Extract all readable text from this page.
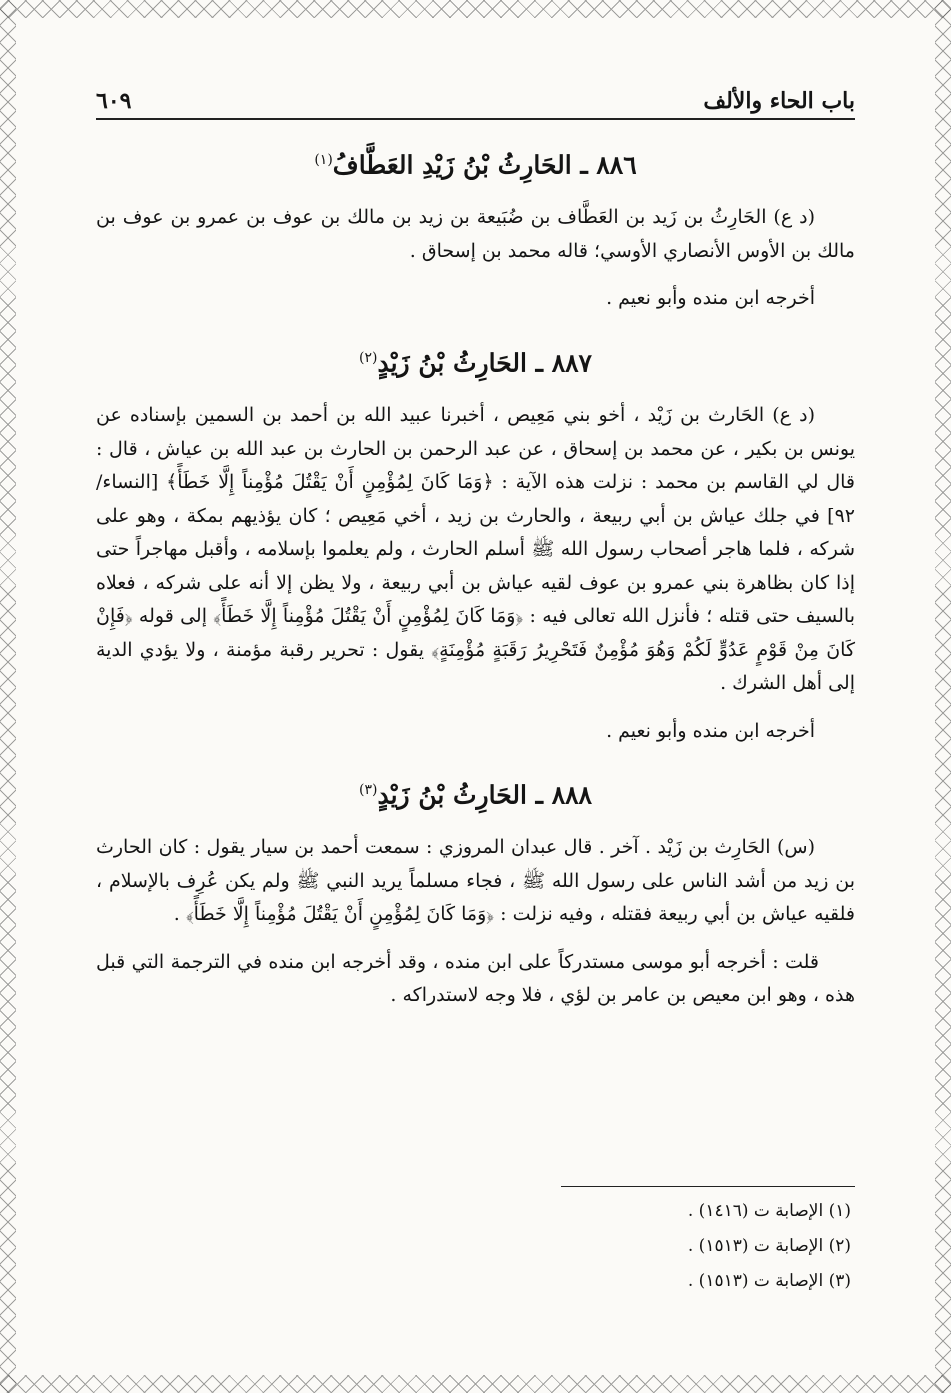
باب الحاء والألف
٦٠٩
٨٨٦ ـ الحَارِثُ بْنُ زَيْدِ العَطَّافُ$^{(١)}$

(د ع) الحَارِثُ بن زَيد بن العَطَّاف بن ضُبَيعة بن زيد بن مالك بن عوف بن عمرو بن عوف بن مالك بن الأوس الأنصاري الأوسي؛ قاله محمد بن إسحاق .

أخرجه ابن منده وأبو نعيم .

٨٨٧ ـ الحَارِثُ بْنُ زَيْدٍ$^{(٢)}$

(د ع) الحَارث بن زَيْد ، أخو بني مَعِيص ، أخبرنا عبيد الله بن أحمد بن السمين بإسناده عن يونس بن بكير ، عن محمد بن إسحاق ، عن عبد الرحمن بن الحارث بن عبد الله بن عياش ، قال : قال لي القاسم بن محمد : نزلت هذه الآية : ﴿وَمَا كَانَ لِمُؤْمِنٍ أَنْ يَقْتُلَ مُؤْمِناً إِلَّا خَطَأً﴾ [النساء/ ٩٢] في جلك عياش بن أبي ربيعة ، والحارث بن زيد ، أخي مَعِيص ؛ كان يؤذيهم بمكة ، وهو على شركه ، فلما هاجر أصحاب رسول الله ﷺ أسلم الحارث ، ولم يعلموا بإسلامه ، وأقبل مهاجراً حتى إذا كان بظاهرة بني عمرو بن عوف لقيه عياش بن أبي ربيعة ، ولا يظن إلا أنه على شركه ، فعلاه بالسيف حتى قتله ؛ فأنزل الله تعالى فيه : ﴿وَمَا كَانَ لِمُؤْمِنٍ أَنْ يَقْتُلَ مُؤْمِناً إِلَّا خَطَأً﴾ إلى قوله ﴿فَإِنْ كَانَ مِنْ قَوْمٍ عَدُوٍّ لَكُمْ وَهُوَ مُؤْمِنٌ فَتَحْرِيرُ رَقَبَةٍ مُؤْمِنَةٍ﴾ يقول : تحرير رقبة مؤمنة ، ولا يؤدي الدية إلى أهل الشرك .

أخرجه ابن منده وأبو نعيم .

٨٨٨ ـ الحَارِثُ بْنُ زَيْدٍ$^{(٣)}$

(س) الحَارِث بن زَيْد . آخر . قال عبدان المروزي : سمعت أحمد بن سيار يقول : كان الحارث بن زيد من أشد الناس على رسول الله ﷺ ، فجاء مسلماً يريد النبي ﷺ ولم يكن عُرِف بالإسلام ، فلقيه عياش بن أبي ربيعة فقتله ، وفيه نزلت : ﴿وَمَا كَانَ لِمُؤْمِنٍ أَنْ يَقْتُلَ مُؤْمِناً إِلَّا خَطَأً﴾ .

قلت : أخرجه أبو موسى مستدركاً على ابن منده ، وقد أخرجه ابن منده في الترجمة التي قبل هذه ، وهو ابن معيص بن عامر بن لؤي ، فلا وجه لاستدراكه .

(١) الإصابة ت (١٤١٦) .
(٢) الإصابة ت (١٥١٣) .
(٣) الإصابة ت (١٥١٣) .
